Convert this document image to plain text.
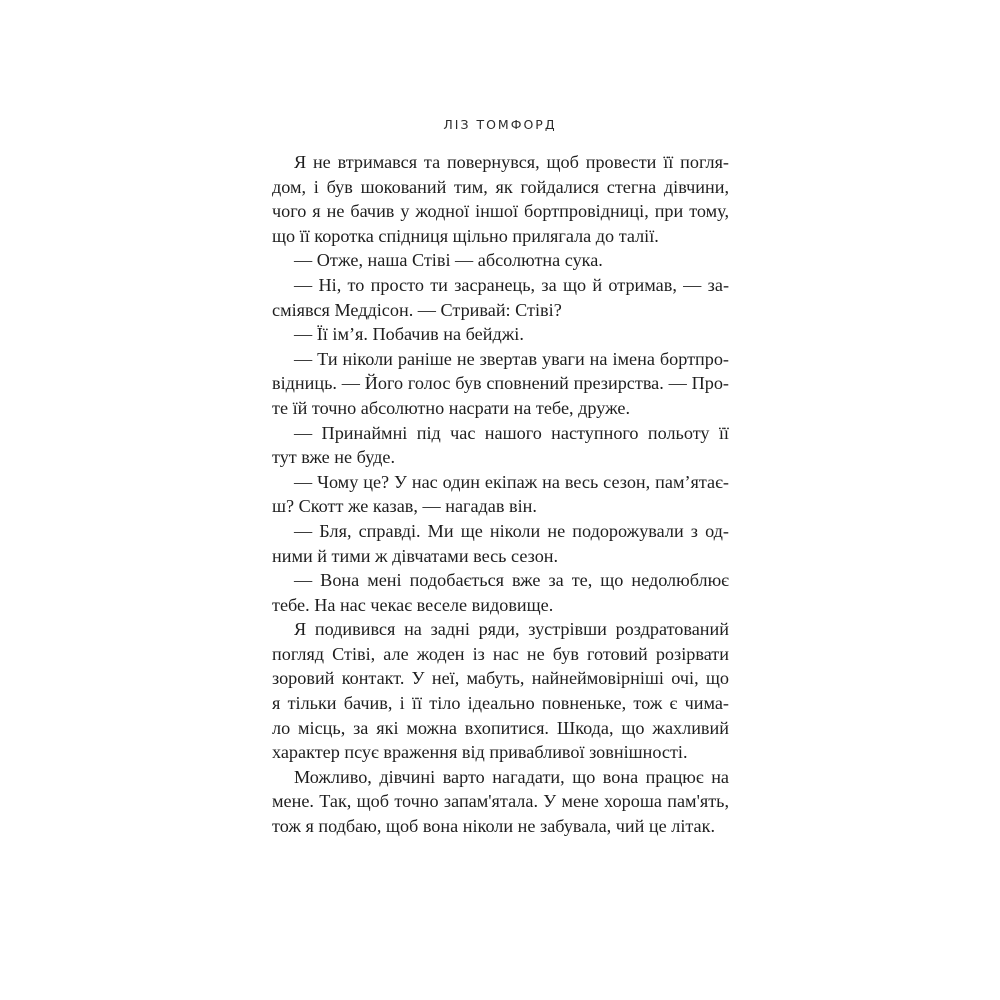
ЛІЗ ТОМФОРД
Я не втримався та повернувся, щоб провести її погля-
дом, і був шокований тим, як гойдалися стегна дівчини,
чого я не бачив у жодної іншої бортпровідниці, при тому,
що її коротка спідниця щільно прилягала до талії.
— Отже, наша Стіві — абсолютна сука.
— Ні, то просто ти засранець, за що й отримав, — за-
сміявся Меддісон. — Стривай: Стіві?
— Її ім’я. Побачив на бейджі.
— Ти ніколи раніше не звертав уваги на імена бортпро-
відниць. — Його голос був сповнений презирства. — Про-
те їй точно абсолютно насрати на тебе, друже.
— Принаймні під час нашого наступного польоту її
тут вже не буде.
— Чому це? У нас один екіпаж на весь сезон, пам’ятає-
ш? Скотт же казав, — нагадав він.
— Бля, справді. Ми ще ніколи не подорожували з од-
ними й тими ж дівчатами весь сезон.
— Вона мені подобається вже за те, що недолюблює
тебе. На нас чекає веселе видовище.
Я подивився на задні ряди, зустрівши роздратований
погляд Стіві, але жоден із нас не був готовий розірвати
зоровий контакт. У неї, мабуть, найнеймовірніші очі, що
я тільки бачив, і її тіло ідеально повненьке, тож є чима-
ло місць, за які можна вхопитися. Шкода, що жахливий
характер псує враження від привабливої зовнішності.
Можливо, дівчині варто нагадати, що вона працює на
мене. Так, щоб точно запам'ятала. У мене хороша пам'ять,
тож я подбаю, щоб вона ніколи не забувала, чий це літак.
